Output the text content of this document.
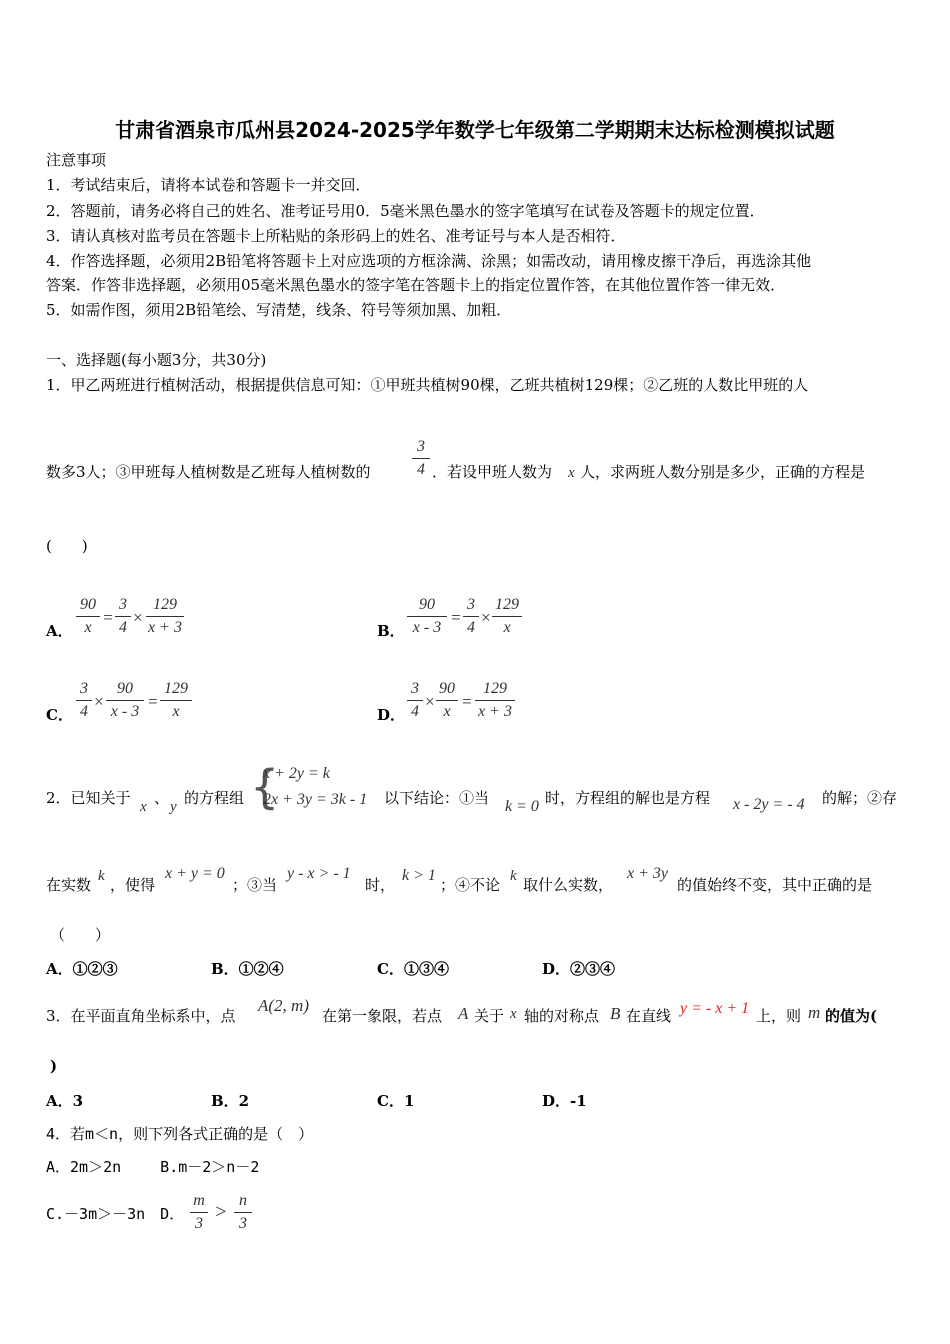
甘肃省酒泉市瓜州县2024-2025学年数学七年级第二学期期末达标检测模拟试题
注意事项
1．考试结束后，请将本试卷和答题卡一并交回．
2．答题前，请务必将自己的姓名、准考证号用0．5毫米黑色墨水的签字笔填写在试卷及答题卡的规定位置．
3．请认真核对监考员在答题卡上所粘贴的条形码上的姓名、准考证号与本人是否相符．
4．作答选择题，必须用2B铅笔将答题卡上对应选项的方框涂满、涂黑；如需改动，请用橡皮擦干净后，再选涂其他
答案．作答非选择题，必须用05毫米黑色墨水的签字笔在答题卡上的指定位置作答，在其他位置作答一律无效．
5．如需作图，须用2B铅笔绘、写清楚，线条、符号等须加黑、加粗．
一、选择题(每小题3分，共30分)
1．甲乙两班进行植树活动，根据提供信息可知：①甲班共植树90棵，乙班共植树129棵；②乙班的人数比甲班的人
数多3人；③甲班每人植树数是乙班每人植树数的
3
4 ．若设甲班人数为 x 人，求两班人数分别是多少，正确的方程是
(　　)
A．
90
x
=
3
4
×
129
x + 3	B．
90
x - 3
=
3
4
×
129
x
C．
3
4
×
90
x - 3
=
129
x	D．
3
4
×
90
x
=
129
x + 3
2．已知关于 x 、 y 的方程组 {
x + 2y = k
2x + 3y = 3k - 1 以下结论：①当 k = 0 时，方程组的解也是方程 x - 2y = - 4 的解；②存
在实数 k ，使得
x + y = 0
；③当
y - x > - 1
时，
k > 1
；④不论 k 取什么实数，
x + 3y
的值始终不变，其中正确的是
（　　）
A．①②③	B．①②④	C．①③④	D．②③④
3．在平面直角坐标系中，点
A(2, m)
在第一象限，若点 A 关于 x 轴的对称点 B 在直线 y = - x + 1 上，则 m 的值为(
)
A．3	B．2	C．1	D．-1
4．若m＜n，则下列各式正确的是（　）
A．2m＞2n　　 B.m－2＞n－2
C.－3m＞－3n　D．
m
3
>
n
3
